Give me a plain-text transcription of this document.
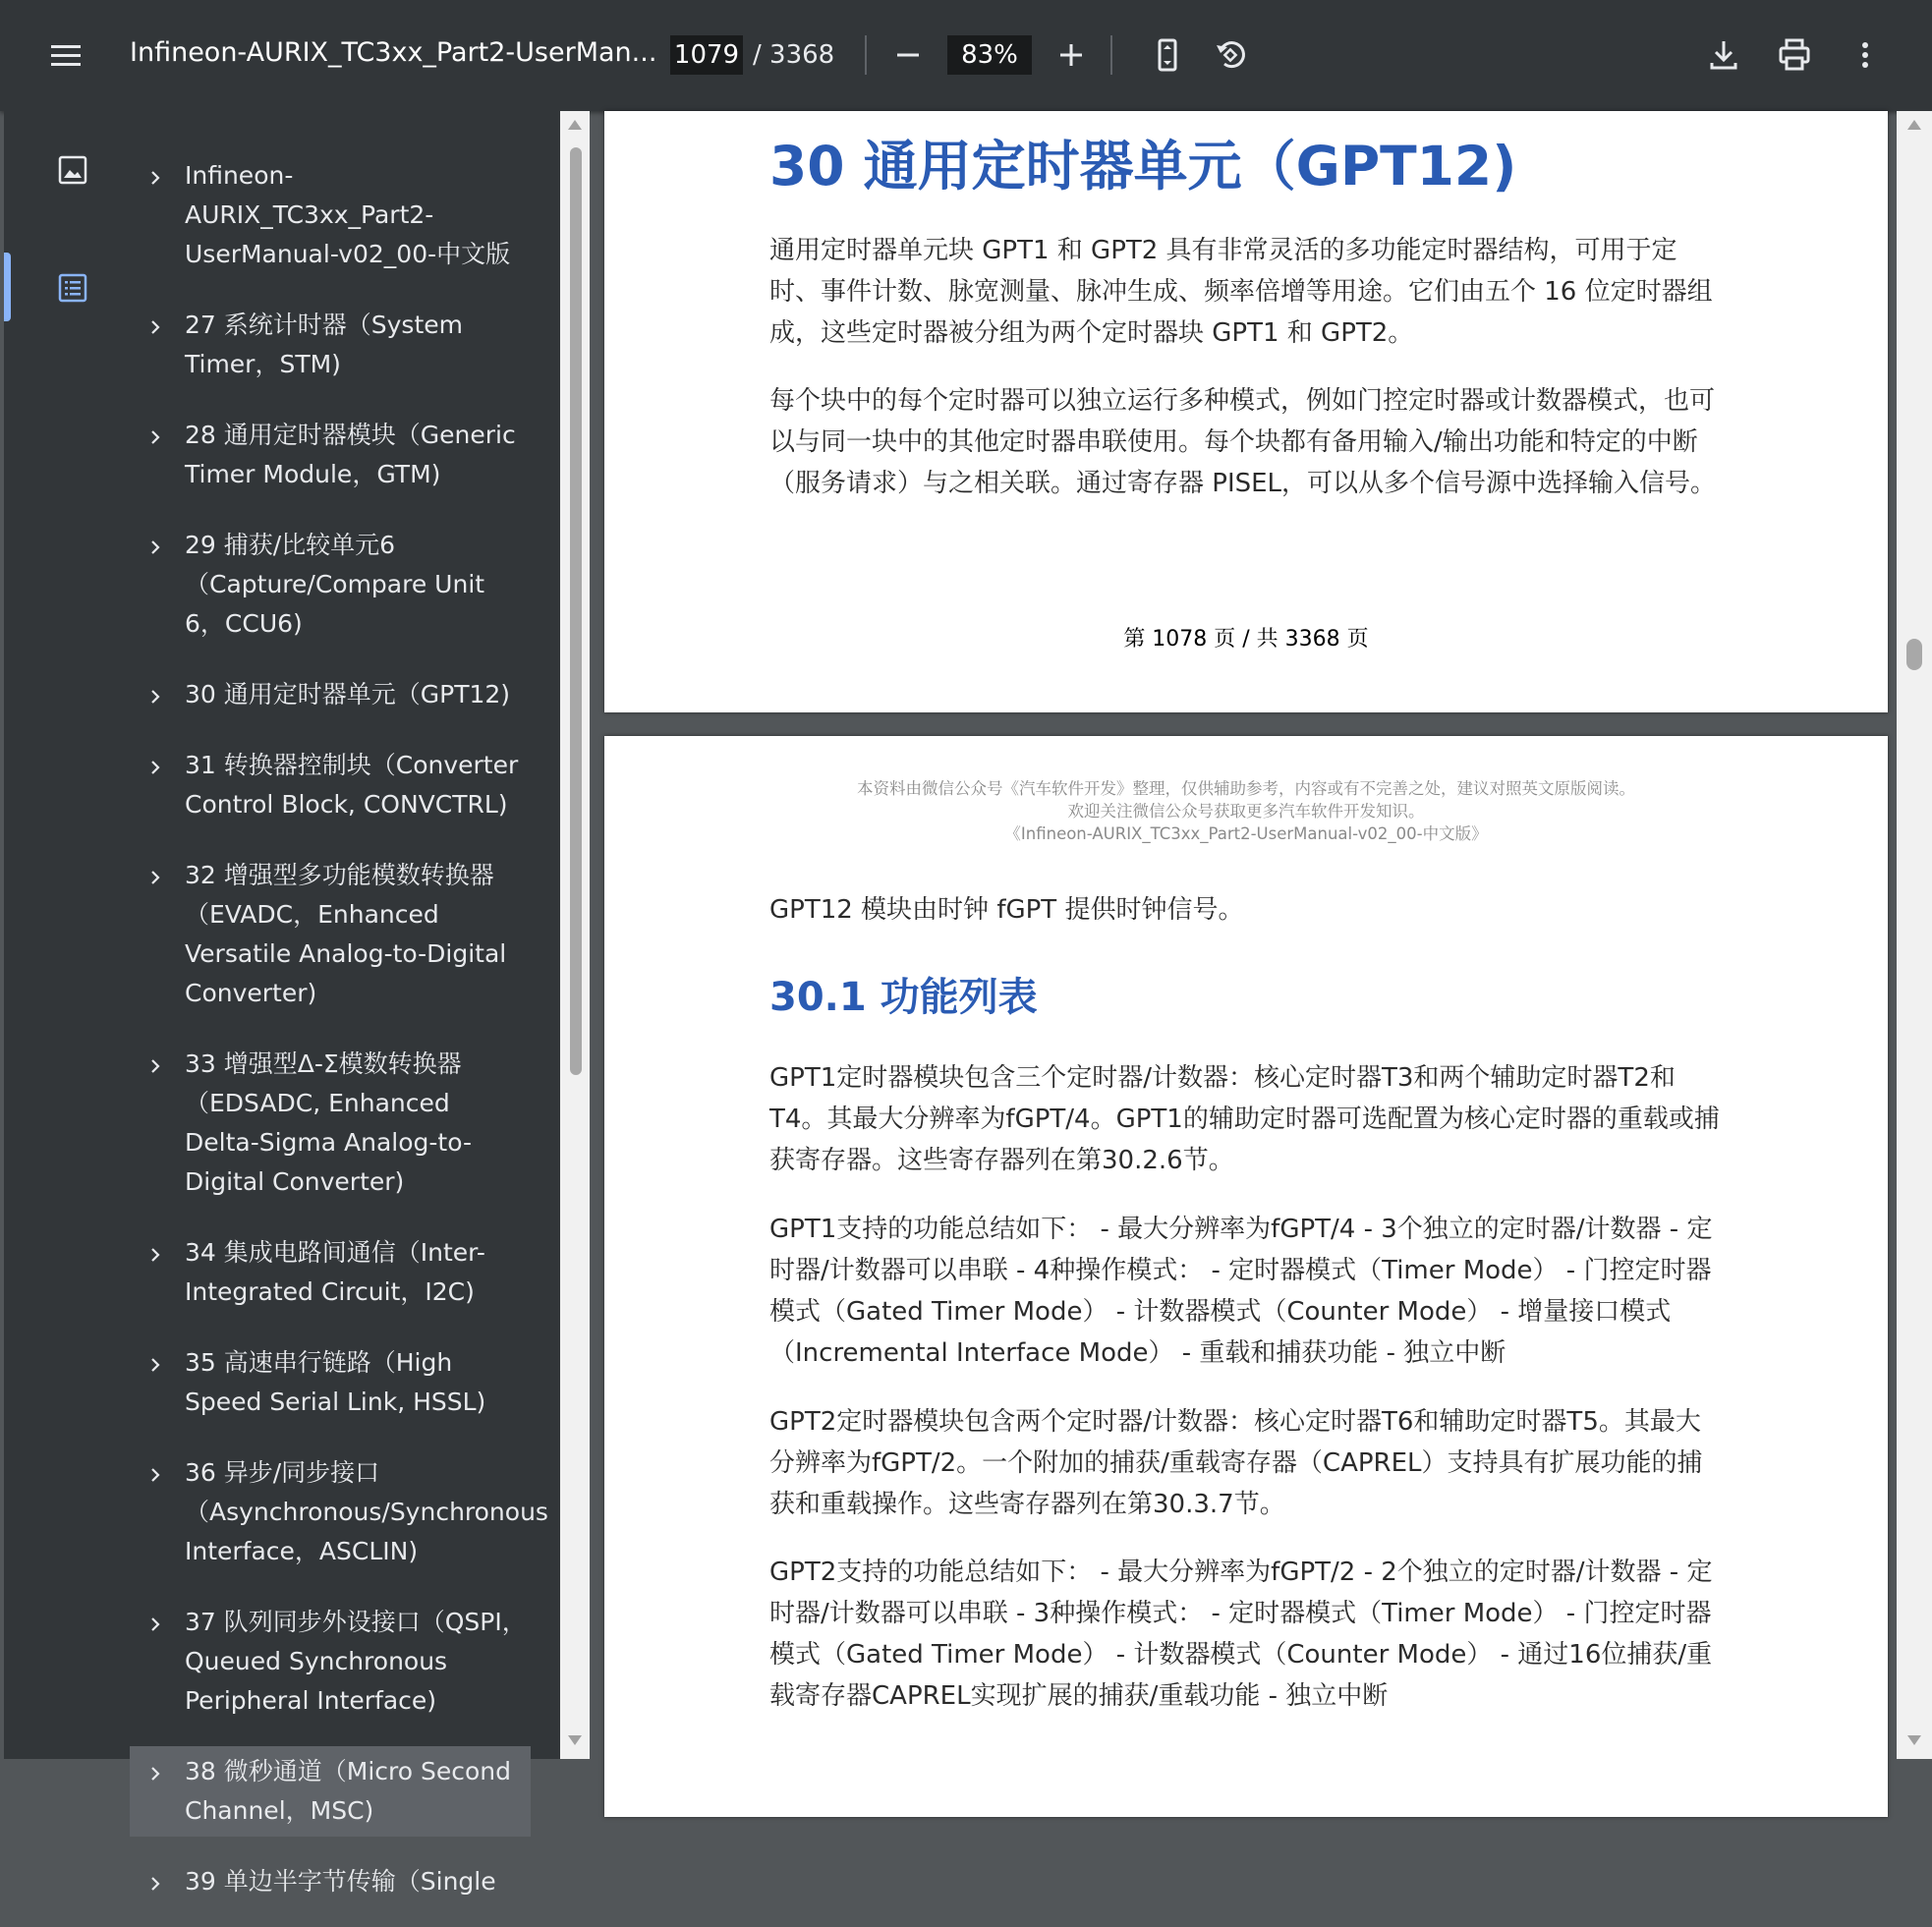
Infineon-AURIX_TC3xx_Part2-UserMan... 1079 / 3368	83%
Infineon-AURIX_TC3xx_Part2-UserManual-v02_00-中文版
27 系统计时器（System Timer，STM)
28 通用定时器模块（Generic Timer Module，GTM)
29 捕获/比较单元6（Capture/Compare Unit 6，CCU6)
30 通用定时器单元（GPT12)
31 转换器控制块（Converter Control Block, CONVCTRL)
32 增强型多功能模数转换器（EVADC，Enhanced Versatile Analog-to-Digital Converter)
33 增强型Δ-Σ模数转换器（EDSADC, Enhanced Delta-Sigma Analog-to-Digital Converter)
34 集成电路间通信（Inter-Integrated Circuit，I2C)
35 高速串行链路（High Speed Serial Link, HSSL)
36 异步/同步接口（Asynchronous/Synchronous Interface，ASCLIN)
37 队列同步外设接口（QSPI，Queued Synchronous Peripheral Interface)
38 微秒通道（Micro Second Channel，MSC)
39 单边半字节传输（Single
30 通用定时器单元（GPT12)

通用定时器单元块 GPT1 和 GPT2 具有非常灵活的多功能定时器结构，可用于定时、事件计数、脉宽测量、脉冲生成、频率倍增等用途。它们由五个 16 位定时器组成，这些定时器被分组为两个定时器块 GPT1 和 GPT2。

每个块中的每个定时器可以独立运行多种模式，例如门控定时器或计数器模式，也可以与同一块中的其他定时器串联使用。每个块都有备用输入/输出功能和特定的中断（服务请求）与之相关联。通过寄存器 PISEL，可以从多个信号源中选择输入信号。

第 1078 页 / 共 3368 页
本资料由微信公众号《汽车软件开发》整理，仅供辅助参考，内容或有不完善之处，建议对照英文原版阅读。
欢迎关注微信公众号获取更多汽车软件开发知识。
《Infineon-AURIX_TC3xx_Part2-UserManual-v02_00-中文版》

GPT12 模块由时钟 fGPT 提供时钟信号。

30.1 功能列表

GPT1定时器模块包含三个定时器/计数器：核心定时器T3和两个辅助定时器T2和T4。其最大分辨率为fGPT/4。GPT1的辅助定时器可选配置为核心定时器的重载或捕获寄存器。这些寄存器列在第30.2.6节。

GPT1支持的功能总结如下： - 最大分辨率为fGPT/4 - 3个独立的定时器/计数器 - 定时器/计数器可以串联 - 4种操作模式： - 定时器模式（Timer Mode） - 门控定时器模式（Gated Timer Mode） - 计数器模式（Counter Mode） - 增量接口模式（Incremental Interface Mode） - 重载和捕获功能 - 独立中断

GPT2定时器模块包含两个定时器/计数器：核心定时器T6和辅助定时器T5。其最大分辨率为fGPT/2。一个附加的捕获/重载寄存器（CAPREL）支持具有扩展功能的捕获和重载操作。这些寄存器列在第30.3.7节。

GPT2支持的功能总结如下： - 最大分辨率为fGPT/2 - 2个独立的定时器/计数器 - 定时器/计数器可以串联 - 3种操作模式： - 定时器模式（Timer Mode） - 门控定时器模式（Gated Timer Mode） - 计数器模式（Counter Mode） - 通过16位捕获/重载寄存器CAPREL实现扩展的捕获/重载功能 - 独立中断
